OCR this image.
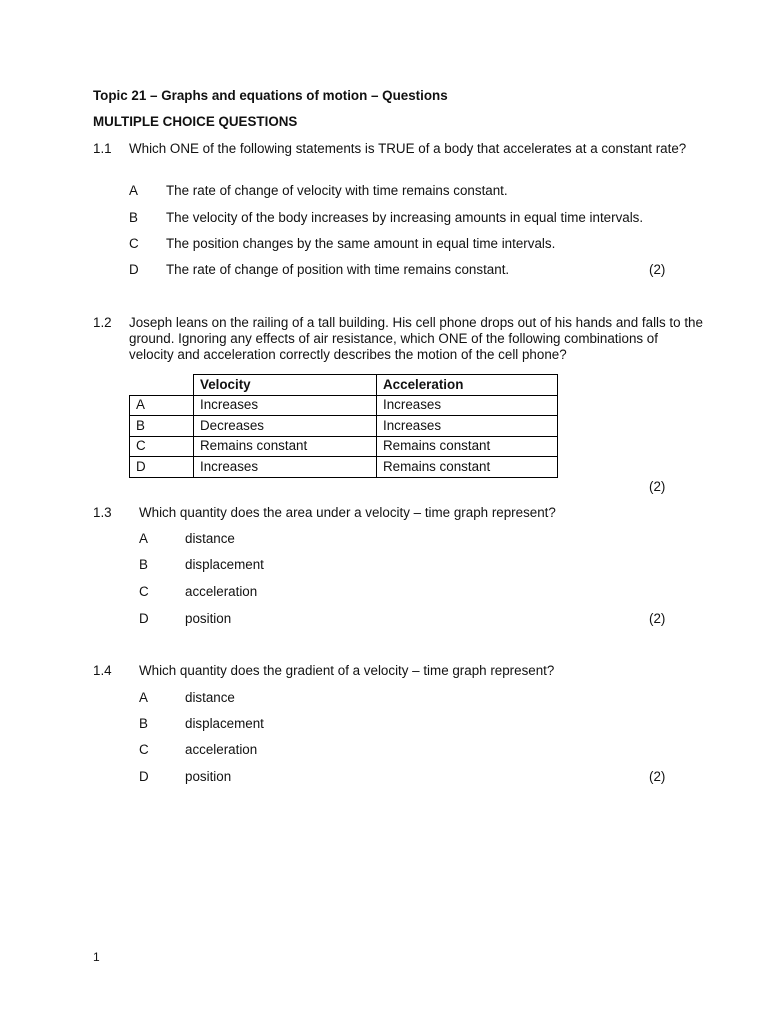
Topic 21 – Graphs and equations of motion – Questions
MULTIPLE CHOICE QUESTIONS
1.1 Which ONE of the following statements is TRUE of a body that accelerates at a constant rate?
A The rate of change of velocity with time remains constant.
B The velocity of the body increases by increasing amounts in equal time intervals.
C The position changes by the same amount in equal time intervals.
D The rate of change of position with time remains constant.	(2)
1.2 Joseph leans on the railing of a tall building. His cell phone drops out of his hands and falls to the ground. Ignoring any effects of air resistance, which ONE of the following combinations of velocity and acceleration correctly describes the motion of the cell phone?
	Velocity	Acceleration
A	Increases	Increases
B	Decreases	Increases
C	Remains constant	Remains constant
D	Increases	Remains constant
(2)
1.3 Which quantity does the area under a velocity – time graph represent?
A	distance
B	displacement
C	acceleration
D	position	(2)
1.4 Which quantity does the gradient of a velocity – time graph represent?
A	distance
B	displacement
C	acceleration
D	position	(2)
1
